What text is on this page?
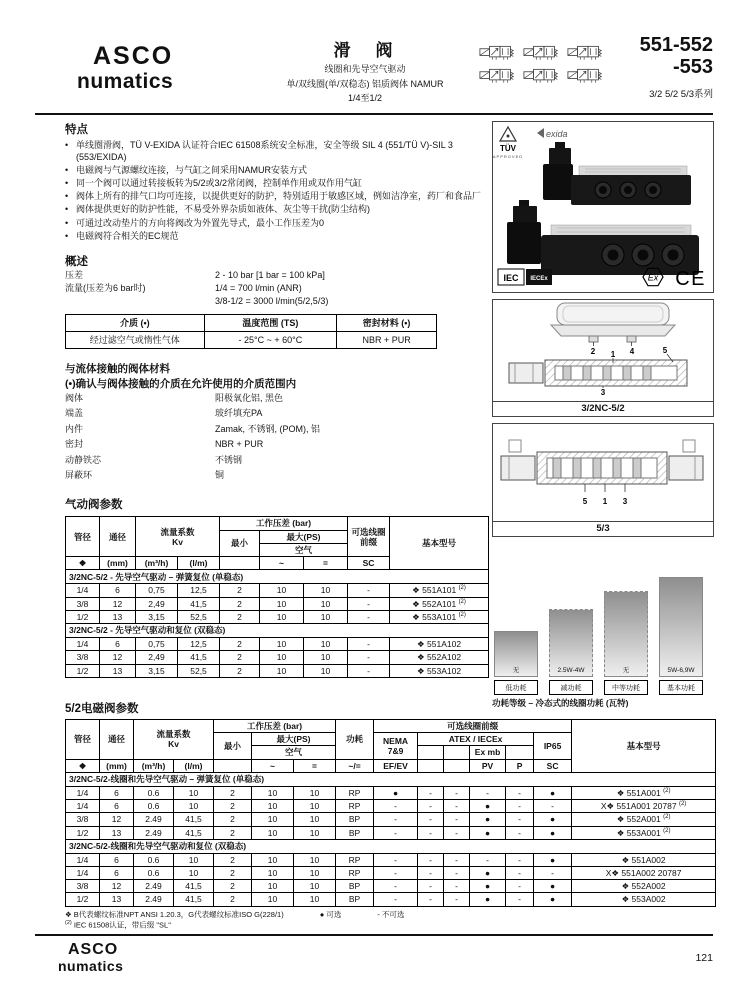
ASCO
numatics
滑　阀
线圈和先导空气驱动
单/双线圈(单/双稳态) 铝质阀体 NAMUR
1/4至1/2
551-552
-553
3/2 5/2 5/3系列
特点
• 单线圈滑阀，TÜ V-EXIDA 认证符合IEC 61508系统安全标准，安全等级 SIL 4 (551/TÜ V)-SIL 3 (553/EXIDA)
• 电磁阀与气源螺纹连接，与气缸之间采用NAMUR安装方式
• 同一个阀可以通过转接板转为5/2或3/2常闭阀，控制单作用或双作用气缸
• 阀体上所有的排气口均可连接，以提供更好的防护，特别适用于敏感区域，例如洁净室，药厂和食品厂
• 阀体提供更好的防护性能，不易受外界杂质如液体、灰尘等干扰(防尘结构)
• 可通过改动垫片的方向将阀改为外置先导式，最小工作压差为0
• 电磁阀符合相关的EC规范
概述
压差	2 - 10 bar [1 bar = 100 kPa]
流量(压差为6 bar时)	1/4 = 700 l/min (ANR)
3/8-1/2 = 3000 l/min(5/2,5/3)
介质 (•)	温度范围 (TS)	密封材料 (•)
经过滤空气或惰性气体	- 25°C ~ + 60°C	NBR + PUR
与流体接触的阀体材料
(•)确认与阀体接触的介质在允许使用的介质范围内
阀体	阳极氧化铝, 黑色
端盖	玻纤填充PA
内件	Zamak, 不锈钢, (POM), 铝
密封	NBR + PUR
动静铁芯	不锈钢
屏蔽环	铜
气动阀参数
管径	通径	流量系数
Kv		工作压差 (bar)			可选线圈前缀	基本型号
				最小	最大(PS)			
					空气			
❖	(mm)	(m³/h)	(l/m)		~	=	SC	
3/2NC-5/2 - 先导空气驱动 – 弹簧复位 (单稳态)								
1/4	6	0,75	12,5	2	10	10	-	❖ 551A101 $^{(2)}$
3/8	12	2,49	41,5	2	10	10	-	❖ 552A101 $^{(2)}$
1/2	13	3,15	52,5	2	10	10	-	❖ 553A101 $^{(2)}$
3/2NC-5/2 - 先导空气驱动和复位 (双稳态)								
1/4	6	0,75	12,5	2	10	10	-	❖ 551A102
3/8	12	2,49	41,5	2	10	10	-	❖ 552A102
1/2	13	3,15	52,5	2	10	10	-	❖ 553A102
TÜV
APPROVED
exida
IEC IECEx	Ex CE
2	4
1	5
3
3/2NC-5/2
5 1 3
5/3
无	2.5W-4W	无	5W-6,9W
低功耗	减功耗	中等功耗	基本功耗
功耗等级 – 冷态式的线圈功耗 (瓦特)
5/2电磁阀参数
管径	通径	流量系数
Kv		工作压差 (bar)			功耗	可选线圈前缀						基本型号
				最小	最大(PS)			NEMA 7&9	ATEX / IECEx				IP65	
					空气						Ex mb			
❖	(mm)	(m³/h)	(l/m)		~	=	~/=	EF/EV			PV	P	SC	
3/2NC-5/2-线圈和先导空气驱动 – 弹簧复位 (单稳态)														
1/4	6	0.6	10	2	10	10	RP	●	-	-	-	-	●	❖ 551A001 $^{(2)}$
1/4	6	0.6	10	2	10	10	RP	-	-	-	●	-	-	X❖ 551A001 20787 $^{(2)}$
3/8	12	2.49	41,5	2	10	10	BP	-	-	-	●	-	●	❖ 552A001 $^{(2)}$
1/2	13	2.49	41,5	2	10	10	BP	-	-	-	●	-	●	❖ 553A001 $^{(2)}$
3/2NC-5/2-线圈和先导空气驱动和复位 (双稳态)														
1/4	6	0.6	10	2	10	10	RP	-	-	-	-	-	●	❖ 551A002
1/4	6	0.6	10	2	10	10	RP	-	-	-	●	-	-	X❖ 551A002 20787
3/8	12	2.49	41,5	2	10	10	BP	-	-	-	●	-	●	❖ 552A002
1/2	13	2.49	41,5	2	10	10	BP	-	-	-	●	-	●	❖ 553A002
❖ B代表螺纹标准NPT ANSI 1.20.3，G代表螺纹标准ISO G(228/1)	● 可选	- 不可选
$^{(2)}$ IEC 61508认证，带后缀 "SL"
ASCO
numatics	121
